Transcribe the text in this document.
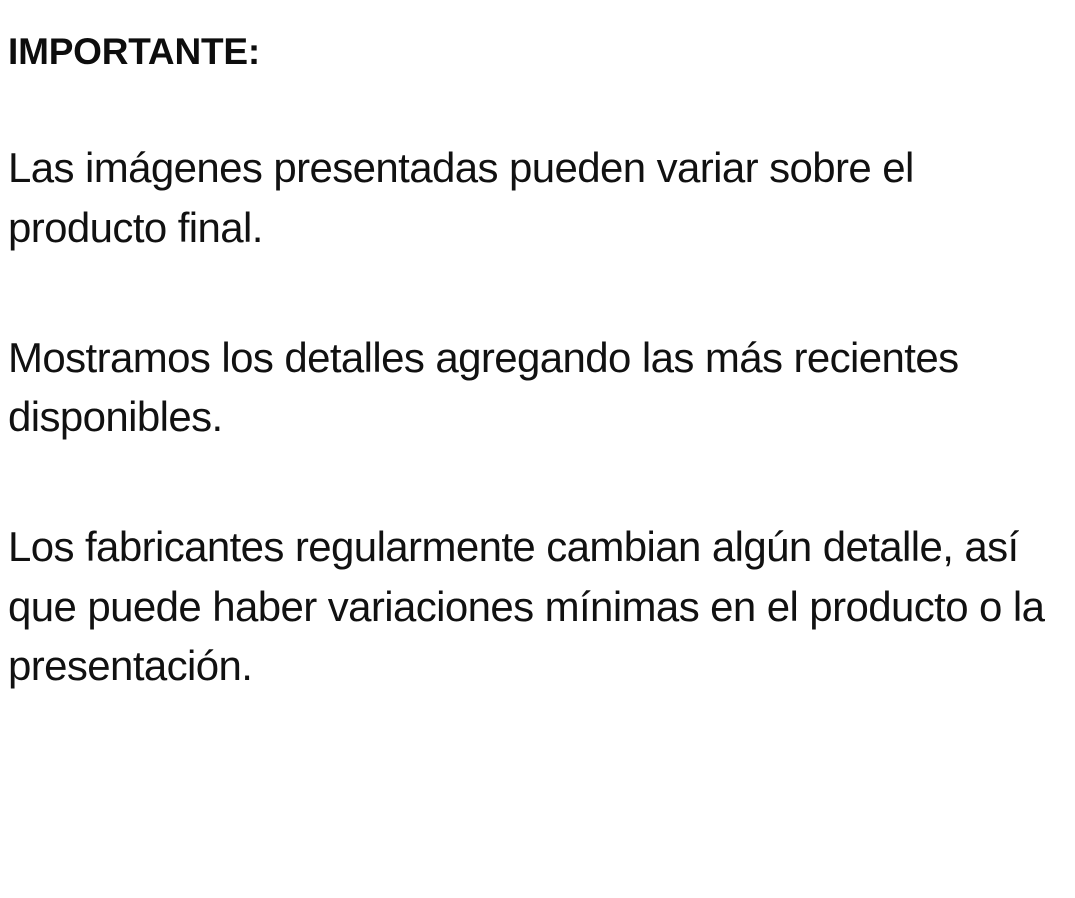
IMPORTANTE:

Las imágenes presentadas pueden variar sobre el producto final.

Mostramos los detalles agregando las más recientes disponibles.

Los fabricantes regularmente cambian algún detalle, así que puede haber variaciones mínimas en el producto o la presentación.
